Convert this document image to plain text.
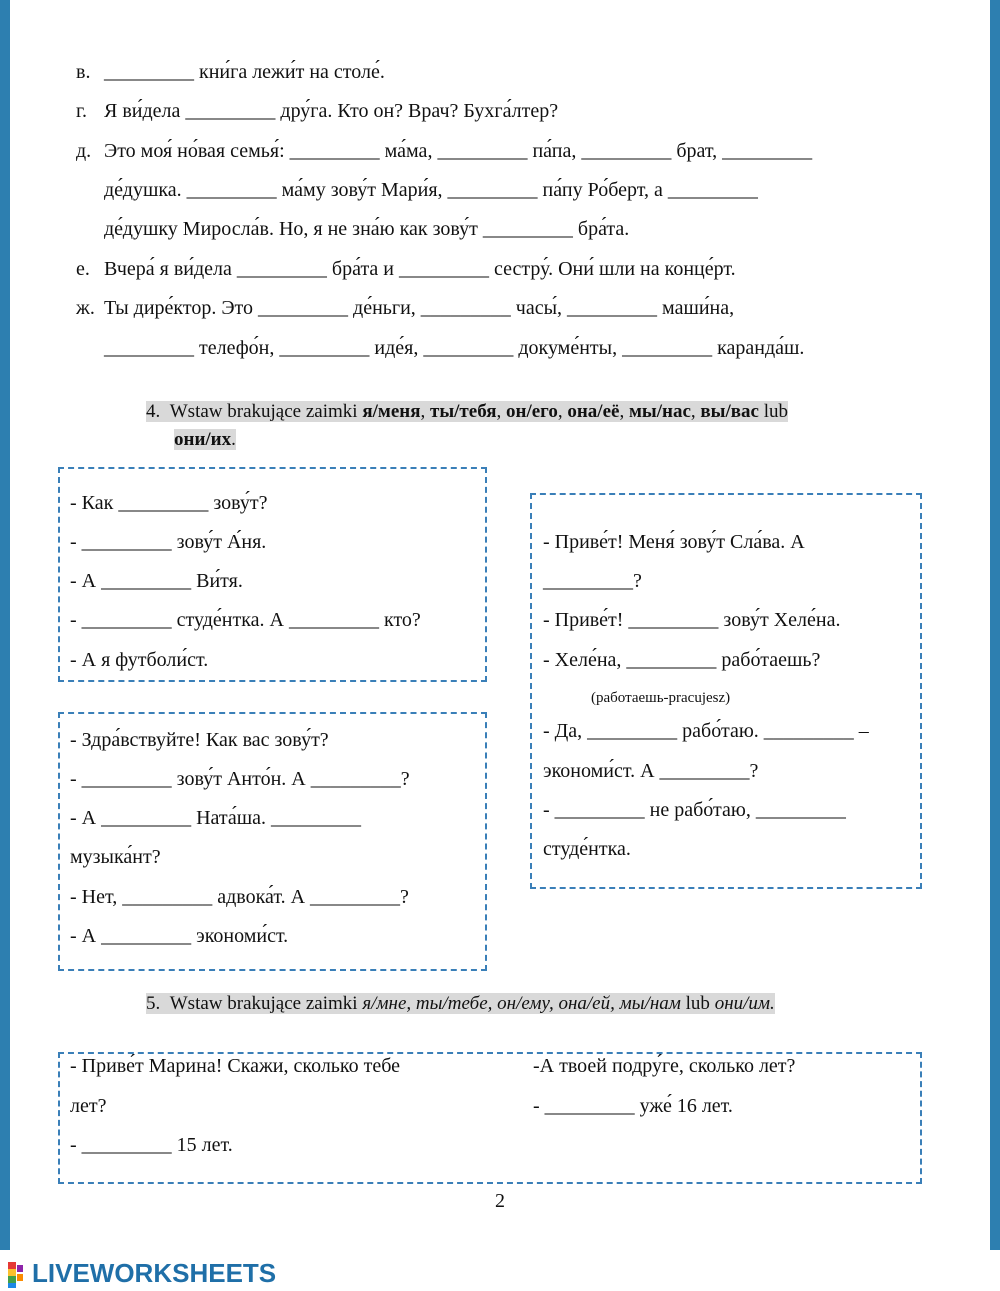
в. _________ кни́га лежи́т на столе́.
г. Я ви́дела _________ дру́га. Кто он? Врач? Бухга́лтер?
д. Это моя́ но́вая семья́: _________ ма́ма, _________ па́па, _________ брат, _________
де́душка. _________ ма́му зову́т Мари́я, _________ па́пу Ро́берт, а _________
де́душку Миросла́в. Но, я не зна́ю как зову́т _________ бра́та.
е. Вчера́ я ви́дела _________ бра́та и _________ сестру́. Они́ шли на конце́рт.
ж. Ты дире́ктор. Это _________ де́ньги, _________ часы́, _________ маши́на,
_________ телефо́н, _________ иде́я, _________ докуме́нты, _________ каранда́ш.
4. Wstaw brakujące zaimki я/меня, ты/тебя, он/его, она/её, мы/нас, вы/вас lub
они/их.
- Как _________ зову́т?
- _________ зову́т А́ня.
- А _________ Ви́тя.
- _________ студе́нтка. А _________ кто?
- А я футболи́ст.
- Здра́вствуйте! Как вас зову́т?
- _________ зову́т Анто́н. А _________?
- А _________ Ната́ша. _________
музыка́нт?
- Нет, _________ адвока́т. А _________?
- А _________ экономи́ст.
- Приве́т! Меня́ зову́т Сла́ва. А
_________?
- Приве́т! _________ зову́т Хеле́на.
- Хеле́на, _________ рабо́таешь?
(работаешь-pracujesz)
- Да, _________ рабо́таю. _________ –
экономи́ст. А _________?
- _________ не рабо́таю, _________
студе́нтка.
5. Wstaw brakujące zaimki я/мне, ты/тебе, он/ему, она/ей, мы/нам lub они/им.
- Приве́т Марина! Скажи, сколько тебе
лет?
- _________ 15 лет.
-А твоей подру́ге, сколько лет?
- _________ уже́ 16 лет.
2
LIVEWORKSHEETS
